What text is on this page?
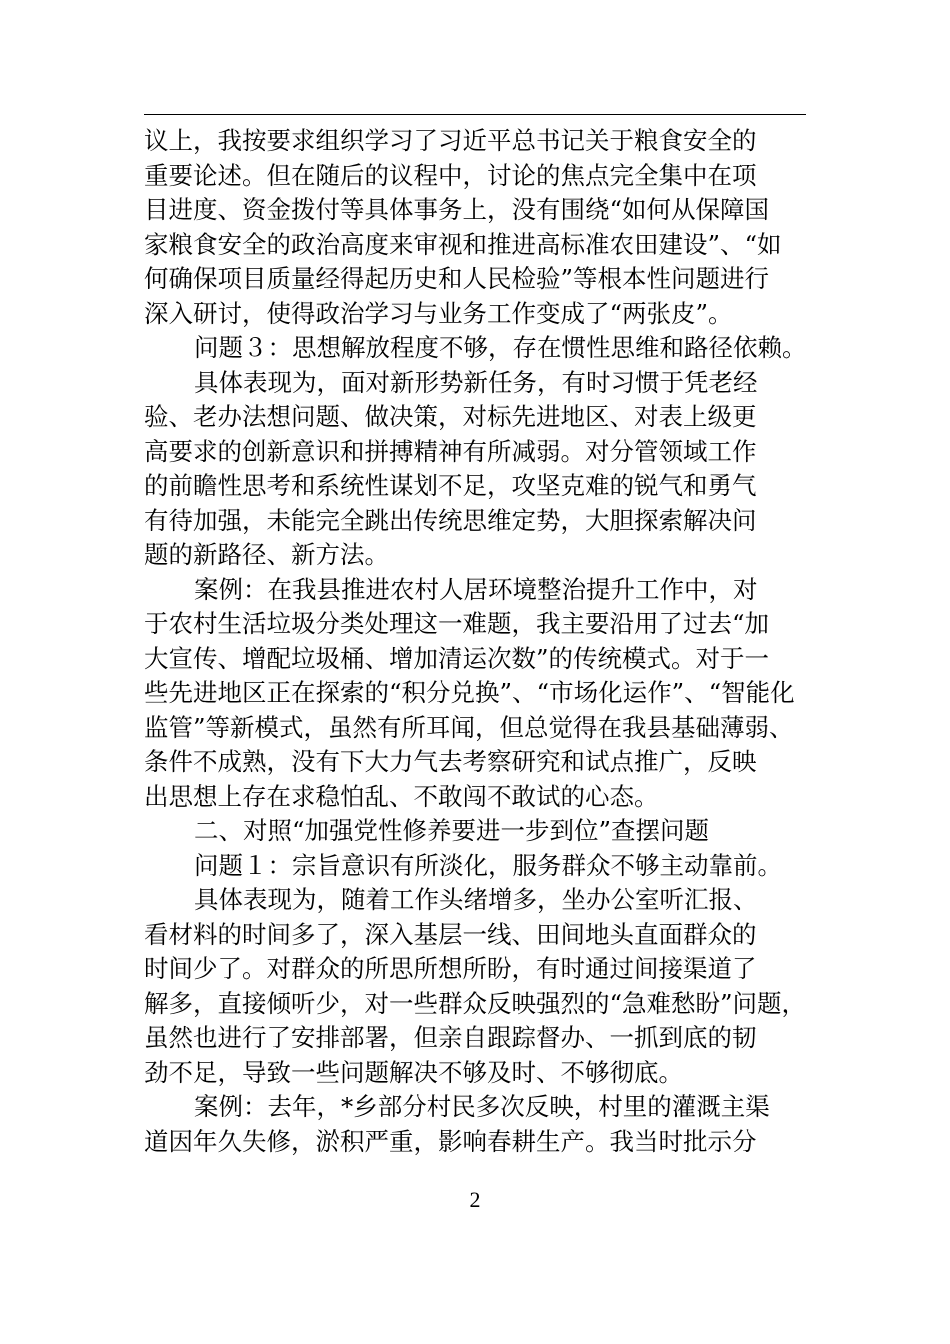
议上，我按要求组织学习了习近平总书记关于粮食安全的
重要论述。但在随后的议程中，讨论的焦点完全集中在项
目进度、资金拨付等具体事务上，没有围绕“如何从保障国
家粮食安全的政治高度来审视和推进高标准农田建设”、“如
何确保项目质量经得起历史和人民检验”等根本性问题进行
深入研讨，使得政治学习与业务工作变成了“两张皮”。
问题３：思想解放程度不够，存在惯性思维和路径依赖。
具体表现为，面对新形势新任务，有时习惯于凭老经
验、老办法想问题、做决策，对标先进地区、对表上级更
高要求的创新意识和拼搏精神有所减弱。对分管领域工作
的前瞻性思考和系统性谋划不足，攻坚克难的锐气和勇气
有待加强，未能完全跳出传统思维定势，大胆探索解决问
题的新路径、新方法。
案例：在我县推进农村人居环境整治提升工作中，对
于农村生活垃圾分类处理这一难题，我主要沿用了过去“加
大宣传、增配垃圾桶、增加清运次数”的传统模式。对于一
些先进地区正在探索的“积分兑换”、“市场化运作”、“智能化
监管”等新模式，虽然有所耳闻，但总觉得在我县基础薄弱、
条件不成熟，没有下大力气去考察研究和试点推广，反映
出思想上存在求稳怕乱、不敢闯不敢试的心态。
二、对照“加强党性修养要进一步到位”查摆问题
问题１：宗旨意识有所淡化，服务群众不够主动靠前。
具体表现为，随着工作头绪增多，坐办公室听汇报、
看材料的时间多了，深入基层一线、田间地头直面群众的
时间少了。对群众的所思所想所盼，有时通过间接渠道了
解多，直接倾听少，对一些群众反映强烈的“急难愁盼”问题，
虽然也进行了安排部署，但亲自跟踪督办、一抓到底的韧
劲不足，导致一些问题解决不够及时、不够彻底。
案例：去年，*乡部分村民多次反映，村里的灌溉主渠
道因年久失修，淤积严重，影响春耕生产。我当时批示分
2
